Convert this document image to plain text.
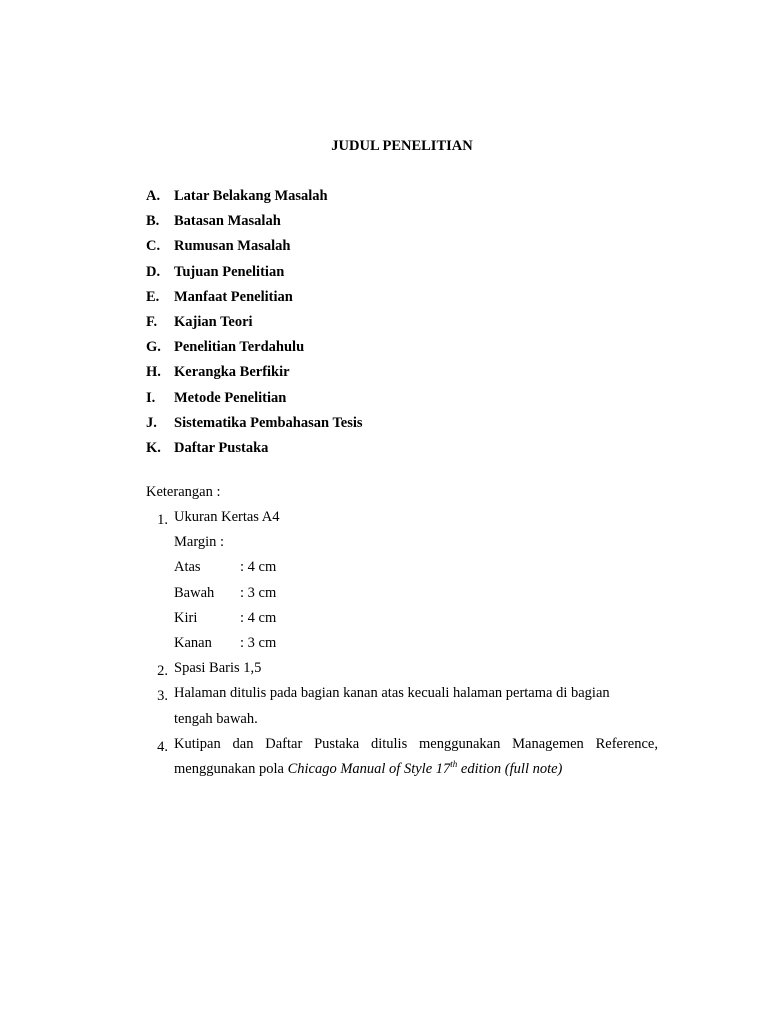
JUDUL PENELITIAN
A. Latar Belakang Masalah
B.	Batasan Masalah
C. Rumusan Masalah
D. Tujuan Penelitian
E.	Manfaat Penelitian
F.	Kajian Teori
G. Penelitian Terdahulu
H. Kerangka Berfikir
I.	Metode Penelitian
J.	Sistematika Pembahasan Tesis
K. Daftar Pustaka
Keterangan :
1. Ukuran Kertas A4
Margin :
Atas	: 4 cm
Bawah	: 3 cm
Kiri	: 4 cm
Kanan	: 3 cm
2. Spasi Baris 1,5
3. Halaman ditulis pada bagian kanan atas kecuali halaman pertama di bagian
tengah bawah.
4. Kutipan dan Daftar Pustaka ditulis menggunakan Managemen Reference,
menggunakan pola Chicago Manual of Style 17th edition (full note)
